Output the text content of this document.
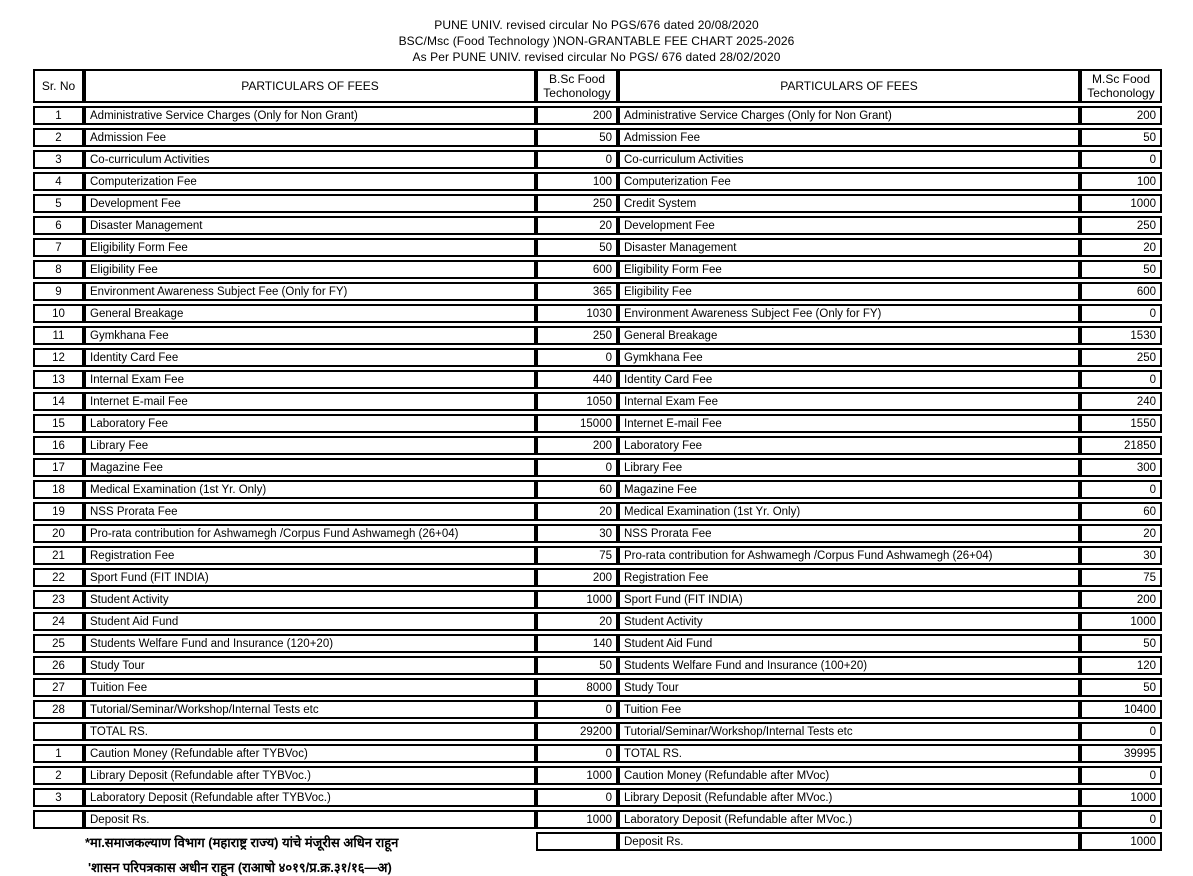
PUNE UNIV. revised circular No PGS/676 dated 20/08/2020
BSC/Msc (Food Technology )NON-GRANTABLE FEE CHART 2025-2026
As Per PUNE UNIV. revised circular No PGS/ 676 dated 28/02/2020
Sr. No	PARTICULARS OF FEES	B.Sc Food Techonology	PARTICULARS OF FEES	M.Sc Food Techonology
1	Administrative Service Charges (Only for Non Grant)	200	Administrative Service Charges (Only for Non Grant)	200
2	Admission Fee	50	Admission Fee	50
3	Co-curriculum Activities	0	Co-curriculum Activities	0
4	Computerization Fee	100	Computerization Fee	100
5	Development Fee	250	Credit System	1000
6	Disaster Management	20	Development Fee	250
7	Eligibility Form Fee	50	Disaster Management	20
8	Eligibility Fee	600	Eligibility Form Fee	50
9	Environment Awareness Subject Fee (Only for FY)	365	Eligibility Fee	600
10	General Breakage	1030	Environment Awareness Subject Fee (Only for FY)	0
11	Gymkhana Fee	250	General Breakage	1530
12	Identity Card Fee	0	Gymkhana Fee	250
13	Internal Exam Fee	440	Identity Card Fee	0
14	Internet E-mail Fee	1050	Internal Exam Fee	240
15	Laboratory Fee	15000	Internet E-mail Fee	1550
16	Library Fee	200	Laboratory Fee	21850
17	Magazine Fee	0	Library Fee	300
18	Medical Examination (1st Yr. Only)	60	Magazine Fee	0
19	NSS Prorata Fee	20	Medical Examination (1st Yr. Only)	60
20	Pro-rata contribution for Ashwamegh /Corpus Fund Ashwamegh (26+04)	30	NSS Prorata Fee	20
21	Registration Fee	75	Pro-rata contribution for Ashwamegh /Corpus Fund Ashwamegh (26+04)	30
22	Sport Fund (FIT INDIA)	200	Registration Fee	75
23	Student Activity	1000	Sport Fund (FIT INDIA)	200
24	Student Aid Fund	20	Student Activity	1000
25	Students Welfare Fund and Insurance (120+20)	140	Student Aid Fund	50
26	Study Tour	50	Students Welfare Fund and Insurance (100+20)	120
27	Tuition Fee	8000	Study Tour	50
28	Tutorial/Seminar/Workshop/Internal Tests etc	0	Tuition Fee	10400
	TOTAL RS.	29200	Tutorial/Seminar/Workshop/Internal Tests etc	0
1	Caution Money (Refundable after TYBVoc)	0	TOTAL RS.	39995
2	Library Deposit (Refundable after TYBVoc.)	1000	Caution Money (Refundable after MVoc)	0
3	Laboratory Deposit (Refundable after TYBVoc.)	0	Library Deposit (Refundable after MVoc.)	1000
	Deposit Rs.	1000	Laboratory Deposit (Refundable after MVoc.)	0
*मा.समाजकल्याण विभाग (महाराष्ट्र राज्य) यांचे मंजूरीस अधिन राहून			Deposit Rs.	1000
'शासन परिपत्रकास अधीन राहून (राआषो ४०१९/प्र.क्र.३१/१६—अ)
